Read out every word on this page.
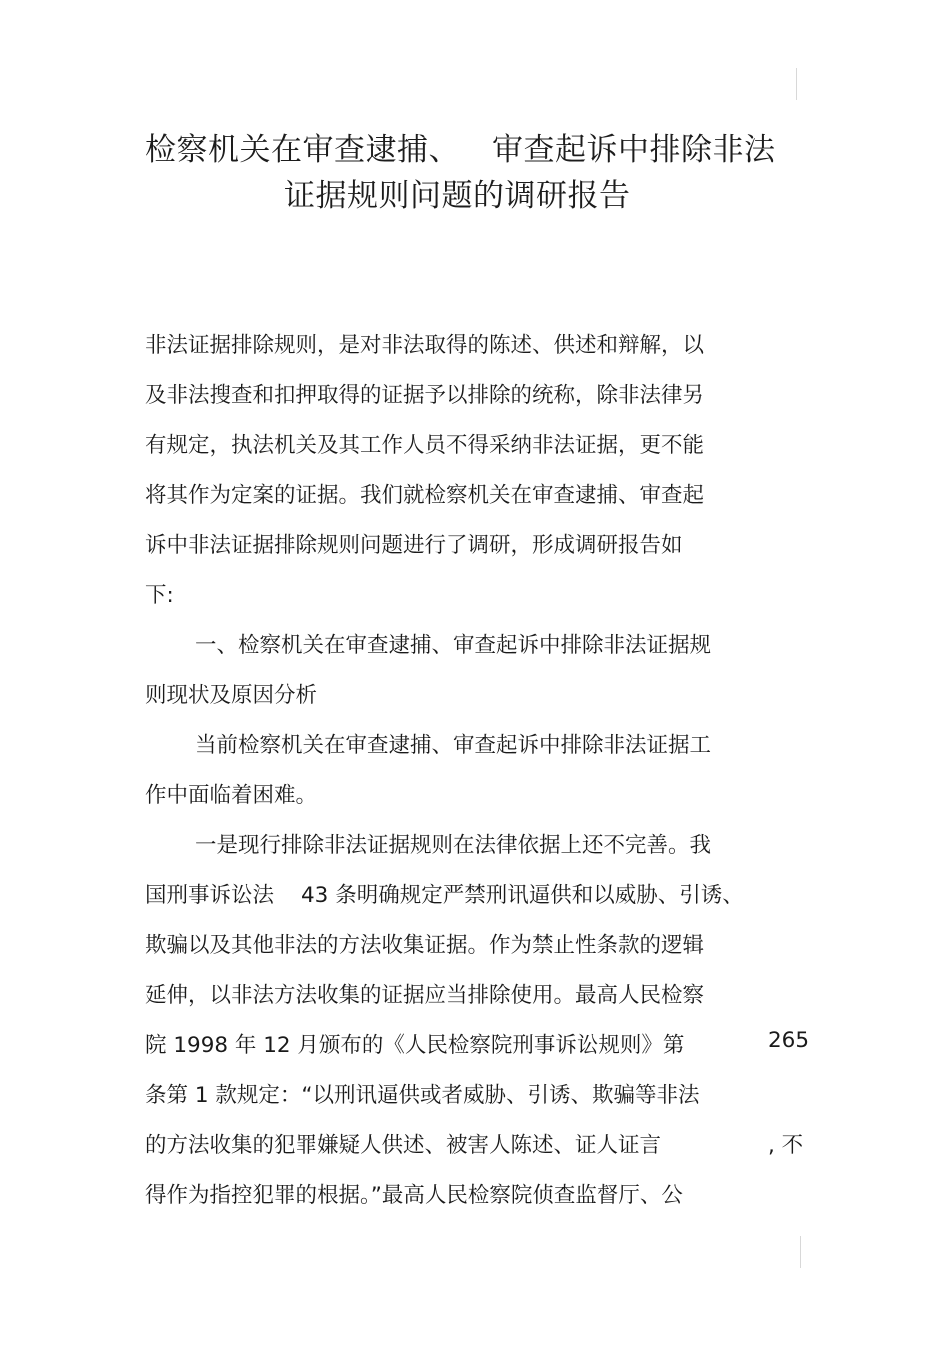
检察机关在审查逮捕、 审查起诉中排除非法
证据规则问题的调研报告
非法证据排除规则，是对非法取得的陈述、供述和辩解，以
及非法搜查和扣押取得的证据予以排除的统称，除非法律另
有规定，执法机关及其工作人员不得采纳非法证据，更不能
将其作为定案的证据。我们就检察机关在审查逮捕、审查起
诉中非法证据排除规则问题进行了调研，形成调研报告如
下:
一、检察机关在审查逮捕、审查起诉中排除非法证据规
则现状及原因分析
当前检察机关在审查逮捕、审查起诉中排除非法证据工
作中面临着困难。
一是现行排除非法证据规则在法律依据上还不完善。我
国刑事诉讼法 43 条明确规定严禁刑讯逼供和以威胁、引诱、
欺骗以及其他非法的方法收集证据。作为禁止性条款的逻辑
延伸，以非法方法收集的证据应当排除使用。最高人民检察
院 1998 年 12 月颁布的《人民检察院刑事诉讼规则》第	265
条第 1 款规定：“以刑讯逼供或者威胁、引诱、欺骗等非法
的方法收集的犯罪嫌疑人供述、被害人陈述、证人证言	, 不
得作为指控犯罪的根据。”最高人民检察院侦查监督厅、公
